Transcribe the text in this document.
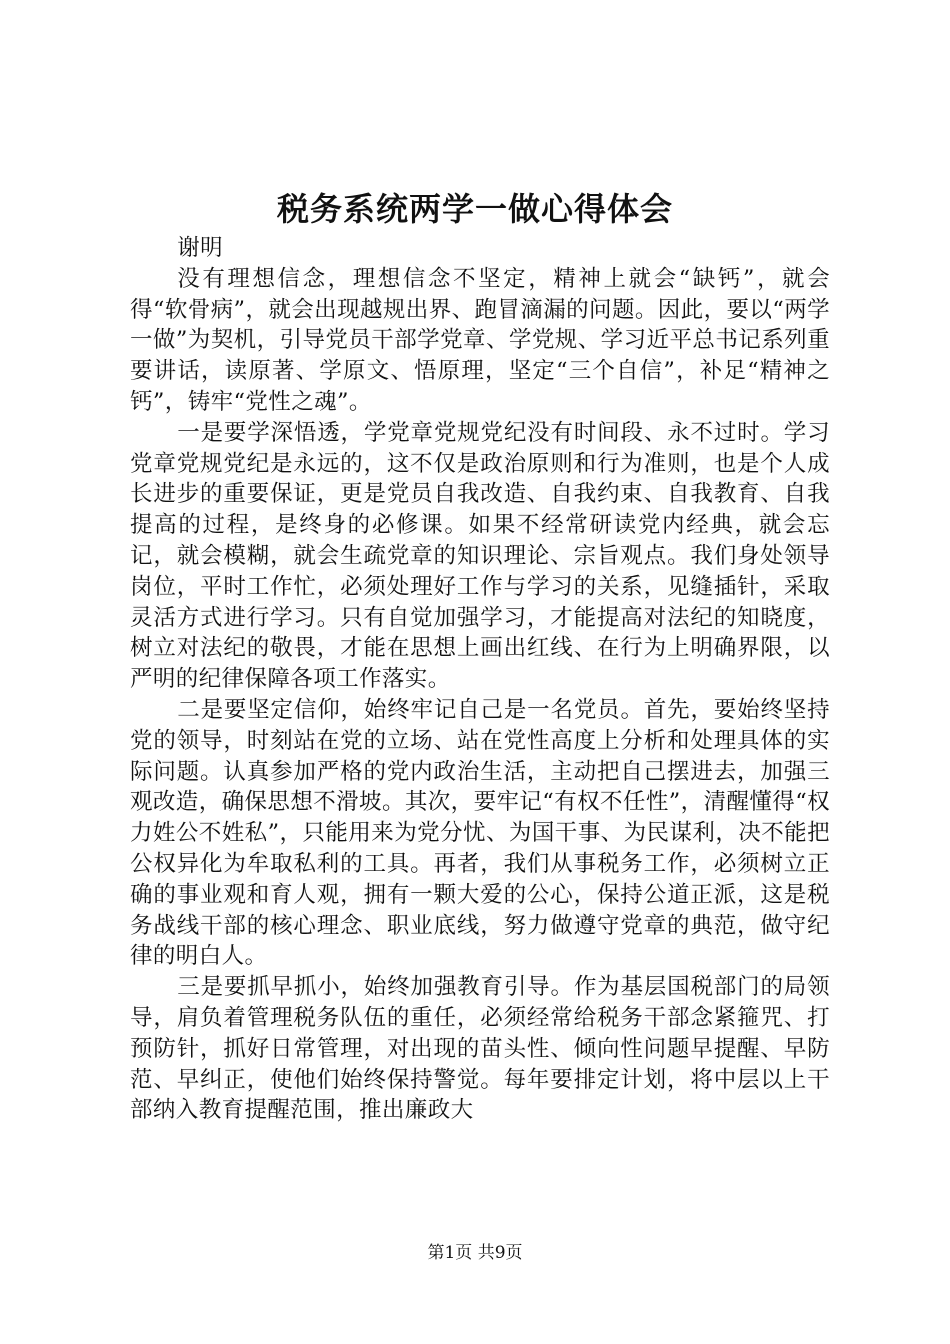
税务系统两学一做心得体会

谢明

没有理想信念，理想信念不坚定，精神上就会“缺钙”，就会得“软骨病”，就会出现越规出界、跑冒滴漏的问题。因此，要以“两学一做”为契机，引导党员干部学党章、学党规、学习近平总书记系列重要讲话，读原著、学原文、悟原理，坚定“三个自信”，补足“精神之钙”，铸牢“党性之魂”。

一是要学深悟透，学党章党规党纪没有时间段、永不过时。学习党章党规党纪是永远的，这不仅是政治原则和行为准则，也是个人成长进步的重要保证，更是党员自我改造、自我约束、自我教育、自我提高的过程，是终身的必修课。如果不经常研读党内经典，就会忘记，就会模糊，就会生疏党章的知识理论、宗旨观点。我们身处领导岗位，平时工作忙，必须处理好工作与学习的关系，见缝插针，采取灵活方式进行学习。只有自觉加强学习，才能提高对法纪的知晓度，树立对法纪的敬畏，才能在思想上画出红线、在行为上明确界限，以严明的纪律保障各项工作落实。

二是要坚定信仰，始终牢记自己是一名党员。首先，要始终坚持党的领导，时刻站在党的立场、站在党性高度上分析和处理具体的实际问题。认真参加严格的党内政治生活，主动把自己摆进去，加强三观改造，确保思想不滑坡。其次，要牢记“有权不任性”，清醒懂得“权力姓公不姓私”，只能用来为党分忧、为国干事、为民谋利，决不能把公权异化为牟取私利的工具。再者，我们从事税务工作，必须树立正确的事业观和育人观，拥有一颗大爱的公心，保持公道正派，这是税务战线干部的核心理念、职业底线，努力做遵守党章的典范，做守纪律的明白人。

三是要抓早抓小，始终加强教育引导。作为基层国税部门的局领导，肩负着管理税务队伍的重任，必须经常给税务干部念紧箍咒、打预防针，抓好日常管理，对出现的苗头性、倾向性问题早提醒、早防范、早纠正，使他们始终保持警觉。每年要排定计划，将中层以上干部纳入教育提醒范围，推出廉政大

第1页 共9页
